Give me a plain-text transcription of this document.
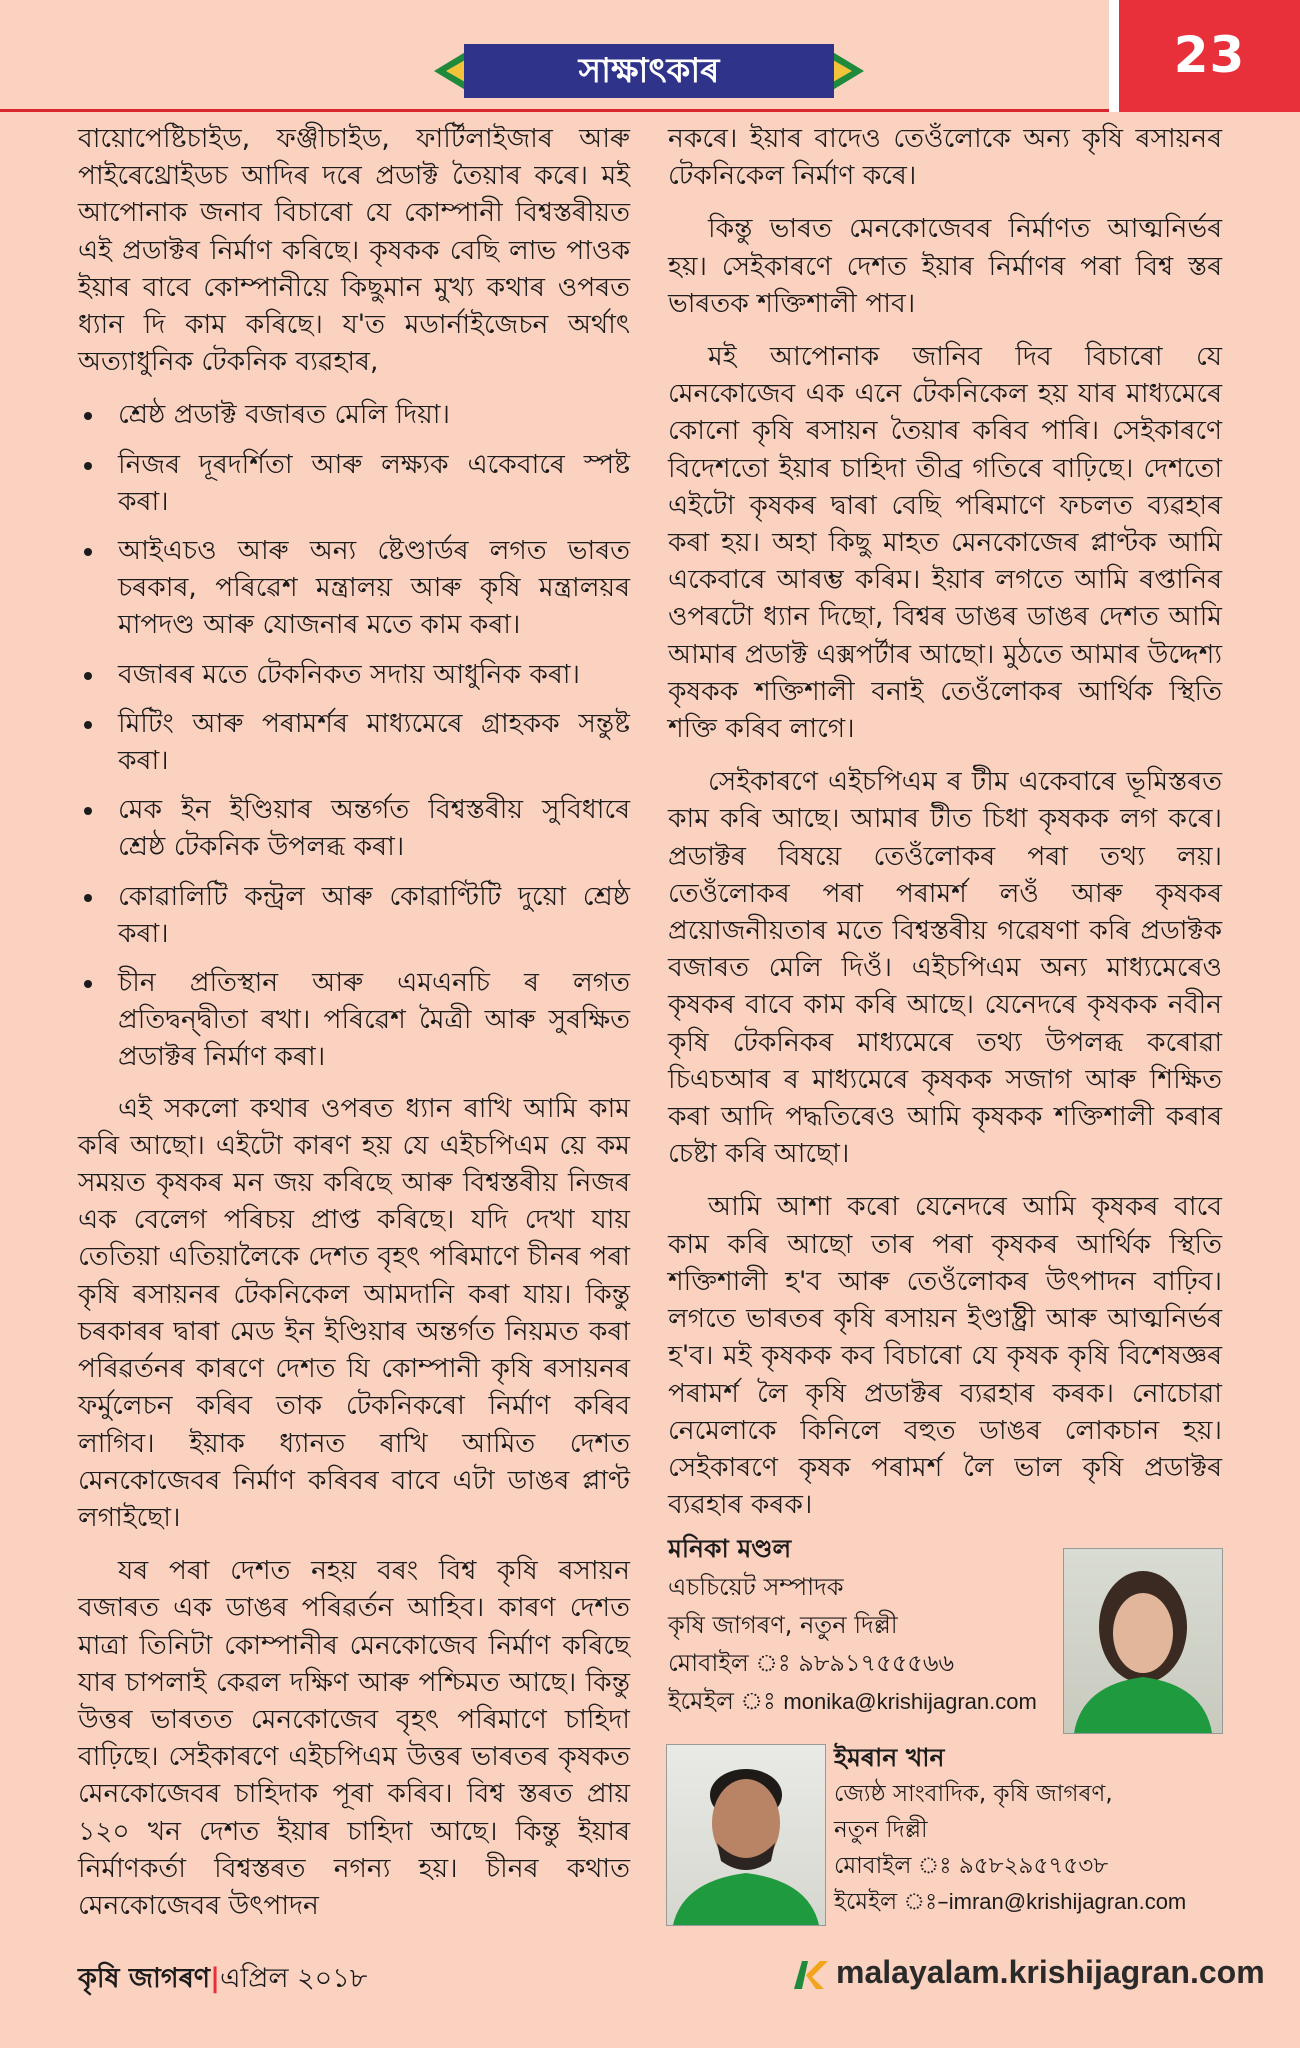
সাক্ষাৎকাৰ	23

বায়োপেষ্টিচাইড, ফঞ্জীচাইড, ফাৰ্টিলাইজাৰ আৰু পাইৰেথ্ৰোইডচ আদিৰ দৰে প্ৰডাক্ট তৈয়াৰ কৰে। মই আপোনাক জনাব বিচাৰো যে কোম্পানী বিশ্বস্তৰীয়ত এই প্ৰডাক্টৰ নিৰ্মাণ কৰিছে। কৃষকক বেছি লাভ পাওক ইয়াৰ বাবে কোম্পানীয়ে কিছুমান মুখ্য কথাৰ ওপৰত ধ্যান দি কাম কৰিছে। য'ত মডাৰ্নাইজেচন অৰ্থাৎ অত্যাধুনিক টেকনিক ব্যৱহাৰ,

শ্ৰেষ্ঠ প্ৰডাক্ট বজাৰত মেলি দিয়া।
নিজৰ দূৰদৰ্শিতা আৰু লক্ষ্যক একেবাৰে স্পষ্ট কৰা।
আইএচও আৰু অন্য ষ্টেণ্ডাৰ্ডৰ লগত ভাৰত চৰকাৰ, পৰিৱেশ মন্ত্ৰালয় আৰু কৃষি মন্ত্ৰালয়ৰ মাপদণ্ড আৰু যোজনাৰ মতে কাম কৰা।
বজাৰৰ মতে টেকনিকত সদায় আধুনিক কৰা।
মিটিং আৰু পৰামৰ্শৰ মাধ্যমেৰে গ্ৰাহকক সন্তুষ্ট কৰা।
মেক ইন ইণ্ডিয়াৰ অন্তৰ্গত বিশ্বস্তৰীয় সুবিধাৰে শ্ৰেষ্ঠ টেকনিক উপলব্ধ কৰা।
কোৱালিটি কন্ট্ৰল আৰু কোৱাণ্টিটি দুয়ো শ্ৰেষ্ঠ কৰা।
চীন প্ৰতিস্থান আৰু এমএনচি ৰ লগত প্ৰতিদ্বন্দ্বীতা ৰখা। পৰিৱেশ মৈত্ৰী আৰু সুৰক্ষিত প্ৰডাক্টৰ নিৰ্মাণ কৰা।

এই সকলো কথাৰ ওপৰত ধ্যান ৰাখি আমি কাম কৰি আছো। এইটো কাৰণ হয় যে এইচপিএম য়ে কম সময়ত কৃষকৰ মন জয় কৰিছে আৰু বিশ্বস্তৰীয় নিজৰ এক বেলেগ পৰিচয় প্ৰাপ্ত কৰিছে। যদি দেখা যায় তেতিয়া এতিয়ালৈকে দেশত বৃহৎ পৰিমাণে চীনৰ পৰা কৃষি ৰসায়নৰ টেকনিকেল আমদানি কৰা যায়। কিন্তু চৰকাৰৰ দ্বাৰা মেড ইন ইণ্ডিয়াৰ অন্তৰ্গত নিয়মত কৰা পৰিৱৰ্তনৰ কাৰণে দেশত যি কোম্পানী কৃষি ৰসায়নৰ ফৰ্মুলেচন কৰিব তাক টেকনিকৰো নিৰ্মাণ কৰিব লাগিব। ইয়াক ধ্যানত ৰাখি আমিত দেশত মেনকোজেবৰ নিৰ্মাণ কৰিবৰ বাবে এটা ডাঙৰ প্লাণ্ট লগাইছো।

যৰ পৰা দেশত নহয় বৰং বিশ্ব কৃষি ৰসায়ন বজাৰত এক ডাঙৰ পৰিৱৰ্তন আহিব। কাৰণ দেশত মাত্ৰা তিনিটা কোম্পানীৰ মেনকোজেব নিৰ্মাণ কৰিছে যাৰ চাপলাই কেৱল দক্ষিণ আৰু পশ্চিমত আছে। কিন্তু উত্তৰ ভাৰতত মেনকোজেব বৃহৎ পৰিমাণে চাহিদা বাঢ়িছে। সেইকাৰণে এইচপিএম উত্তৰ ভাৰতৰ কৃষকত মেনকোজেবৰ চাহিদাক পূৰা কৰিব। বিশ্ব স্তৰত প্ৰায় ১২০ খন দেশত ইয়াৰ চাহিদা আছে। কিন্তু ইয়াৰ নিৰ্মাণকৰ্তা বিশ্বস্তৰত নগন্য হয়। চীনৰ কথাত মেনকোজেবৰ উৎপাদন

নকৰে। ইয়াৰ বাদেও তেওঁলোকে অন্য কৃষি ৰসায়নৰ টেকনিকেল নিৰ্মাণ কৰে।

কিন্তু ভাৰত মেনকোজেবৰ নিৰ্মাণত আত্মনিৰ্ভৰ হয়। সেইকাৰণে দেশত ইয়াৰ নিৰ্মাণৰ পৰা বিশ্ব স্তৰ ভাৰতক শক্তিশালী পাব।

মই আপোনাক জানিব দিব বিচাৰো যে মেনকোজেব এক এনে টেকনিকেল হয় যাৰ মাধ্যমেৰে কোনো কৃষি ৰসায়ন তৈয়াৰ কৰিব পাৰি। সেইকাৰণে বিদেশতো ইয়াৰ চাহিদা তীব্ৰ গতিৰে বাঢ়িছে। দেশতো এইটো কৃষকৰ দ্বাৰা বেছি পৰিমাণে ফচলত ব্যৱহাৰ কৰা হয়। অহা কিছু মাহত মেনকোজেৰ প্লাণ্টক আমি একেবাৰে আৰম্ভ কৰিম। ইয়াৰ লগতে আমি ৰপ্তানিৰ ওপৰটো ধ্যান দিছো, বিশ্বৰ ডাঙৰ ডাঙৰ দেশত আমি আমাৰ প্ৰডাক্ট এক্সপৰ্টাৰ আছো। মুঠতে আমাৰ উদ্দেশ্য কৃষকক শক্তিশালী বনাই তেওঁলোকৰ আৰ্থিক স্থিতি শক্তি কৰিব লাগে।

সেইকাৰণে এইচপিএম ৰ টীম একেবাৰে ভূমিস্তৰত কাম কৰি আছে। আমাৰ টীত চিধা কৃষকক লগ কৰে। প্ৰডাক্টৰ বিষয়ে তেওঁলোকৰ পৰা তথ্য লয়। তেওঁলোকৰ পৰা পৰামৰ্শ লওঁ আৰু কৃষকৰ প্ৰয়োজনীয়তাৰ মতে বিশ্বস্তৰীয় গৱেষণা কৰি প্ৰডাক্টক বজাৰত মেলি দিওঁ। এইচপিএম অন্য মাধ্যমেৰেও কৃষকৰ বাবে কাম কৰি আছে। যেনেদৰে কৃষকক নবীন কৃষি টেকনিকৰ মাধ্যমেৰে তথ্য উপলব্ধ কৰোৱা চিএচআৰ ৰ মাধ্যমেৰে কৃষকক সজাগ আৰু শিক্ষিত কৰা আদি পদ্ধতিৰেও আমি কৃষকক শক্তিশালী কৰাৰ চেষ্টা কৰি আছো।

আমি আশা কৰো যেনেদৰে আমি কৃষকৰ বাবে কাম কৰি আছো তাৰ পৰা কৃষকৰ আৰ্থিক স্থিতি শক্তিশালী হ'ব আৰু তেওঁলোকৰ উৎপাদন বাঢ়িব। লগতে ভাৰতৰ কৃষি ৰসায়ন ইণ্ডাষ্ট্ৰী আৰু আত্মনিৰ্ভৰ হ'ব। মই কৃষকক কব বিচাৰো যে কৃষক কৃষি বিশেষজ্ঞৰ পৰামৰ্শ লৈ কৃষি প্ৰডাক্টৰ ব্যৱহাৰ কৰক। নোচোৱা নেমেলাকে কিনিলে বহুত ডাঙৰ লোকচান হয়। সেইকাৰণে কৃষক পৰামৰ্শ লৈ ভাল কৃষি প্ৰডাক্টৰ ব্যৱহাৰ কৰক।

মনিকা মণ্ডল
এচচিয়েট সম্পাদক
কৃষি জাগৰণ, নতুন দিল্লী
মোবাইল ঃ ৯৮৯১৭৫৫৫৬৬
ইমেইল ঃ monika@krishijagran.com
ইমৰান খান
জ্যেষ্ঠ সাংবাদিক, কৃষি জাগৰণ,
নতুন দিল্লী
মোবাইল ঃ ৯৫৮২৯৫৭৫৩৮
ইমেইল ঃ–imran@krishijagran.com
কৃষি জাগৰণ|এপ্ৰিল ২০১৮	malayalam.krishijagran.com
